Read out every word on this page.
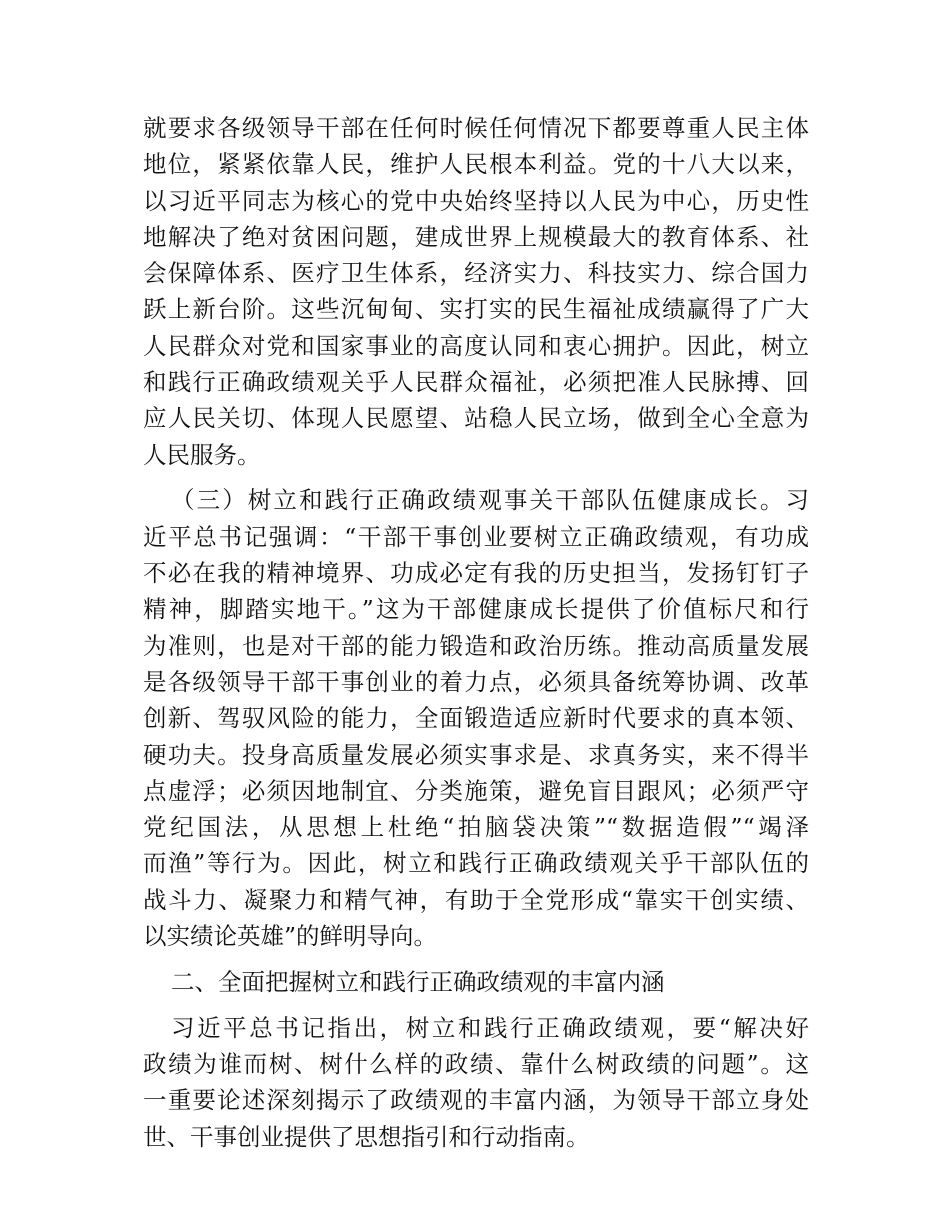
就要求各级领导干部在任何时候任何情况下都要尊重人民主体
地位，紧紧依靠人民，维护人民根本利益。党的十八大以来，
以习近平同志为核心的党中央始终坚持以人民为中心，历史性
地解决了绝对贫困问题，建成世界上规模最大的教育体系、社
会保障体系、医疗卫生体系，经济实力、科技实力、综合国力
跃上新台阶。这些沉甸甸、实打实的民生福祉成绩赢得了广大
人民群众对党和国家事业的高度认同和衷心拥护。因此，树立
和践行正确政绩观关乎人民群众福祉，必须把准人民脉搏、回
应人民关切、体现人民愿望、站稳人民立场，做到全心全意为
人民服务。
（三）树立和践行正确政绩观事关干部队伍健康成长。习
近平总书记强调：“干部干事创业要树立正确政绩观，有功成
不必在我的精神境界、功成必定有我的历史担当，发扬钉钉子
精神，脚踏实地干。”这为干部健康成长提供了价值标尺和行
为准则，也是对干部的能力锻造和政治历练。推动高质量发展
是各级领导干部干事创业的着力点，必须具备统筹协调、改革
创新、驾驭风险的能力，全面锻造适应新时代要求的真本领、
硬功夫。投身高质量发展必须实事求是、求真务实，来不得半
点虚浮；必须因地制宜、分类施策，避免盲目跟风；必须严守
党纪国法，从思想上杜绝“拍脑袋决策”“数据造假”“竭泽
而渔”等行为。因此，树立和践行正确政绩观关乎干部队伍的
战斗力、凝聚力和精气神，有助于全党形成“靠实干创实绩、
以实绩论英雄”的鲜明导向。
二、全面把握树立和践行正确政绩观的丰富内涵
习近平总书记指出，树立和践行正确政绩观，要“解决好
政绩为谁而树、树什么样的政绩、靠什么树政绩的问题”。这
一重要论述深刻揭示了政绩观的丰富内涵，为领导干部立身处
世、干事创业提供了思想指引和行动指南。
